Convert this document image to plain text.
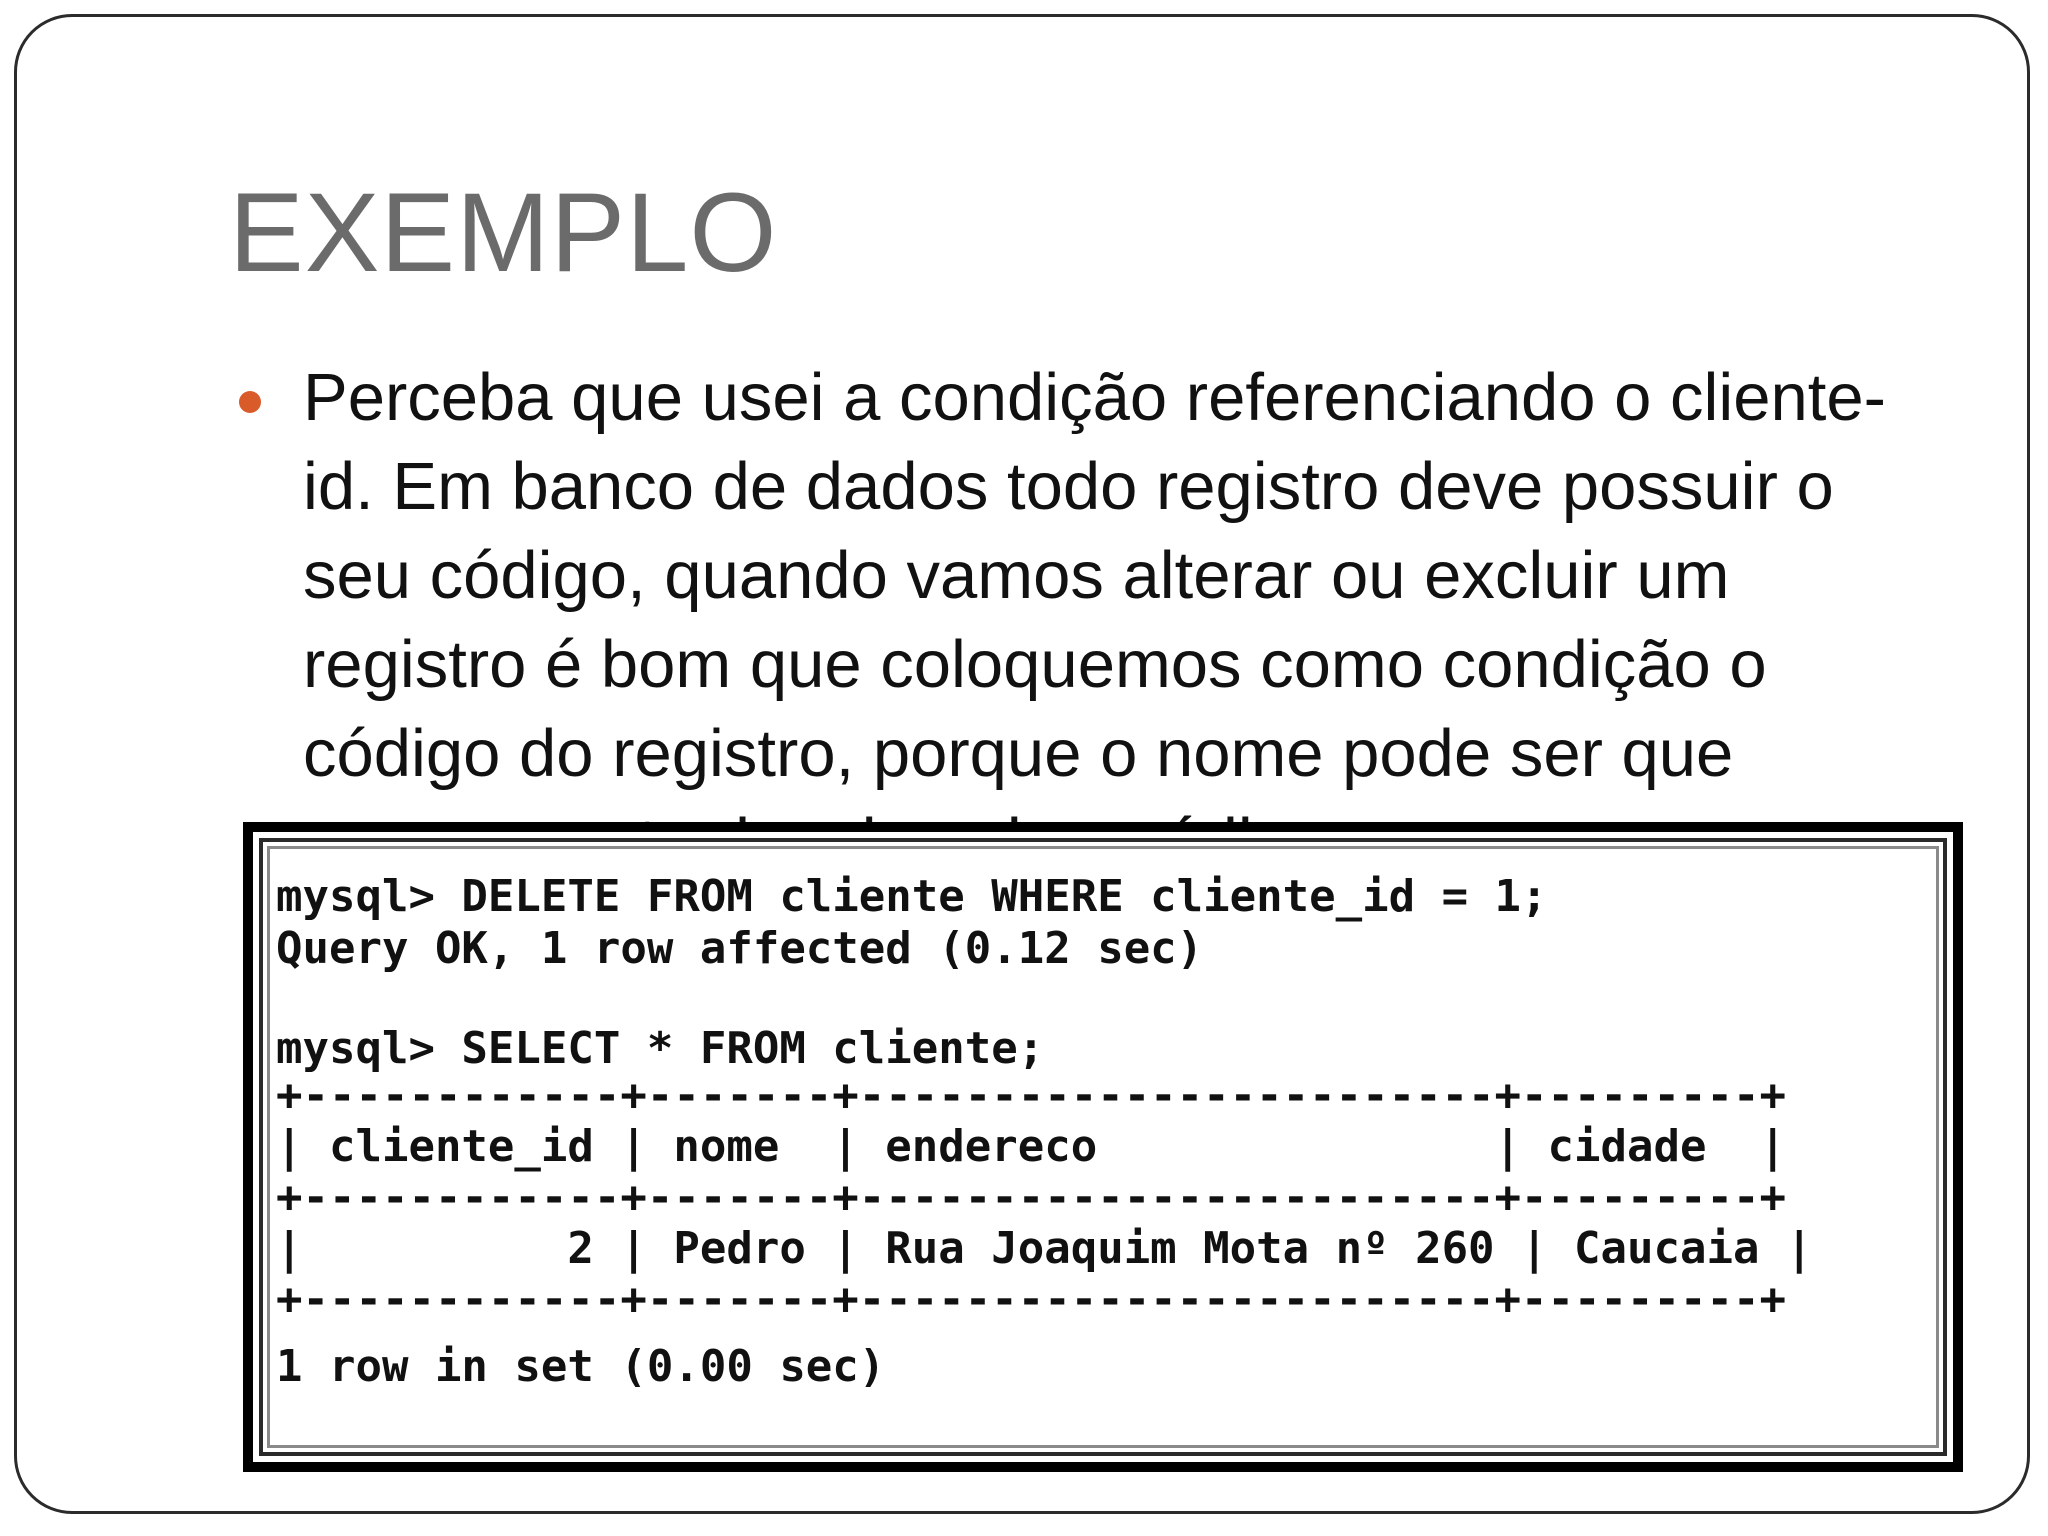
EXEMPLO
Perceba que usei a condição referenciando o cliente-id. Em banco de dados todo registro deve possuir o seu código, quando vamos alterar ou excluir um registro é bom que coloquemos como condição o código do registro, porque o nome pode ser que
mysql> DELETE FROM cliente WHERE cliente_id = 1;
Query OK, 1 row affected (0.12 sec)
mysql> SELECT * FROM cliente;
+------------+-------+------------------------+---------+
| cliente_id | nome  | endereco               | cidade  |
+------------+-------+------------------------+---------+
|          2 | Pedro | Rua Joaquim Mota nº 260 | Caucaia |
+------------+-------+------------------------+---------+
1 row in set (0.00 sec)
